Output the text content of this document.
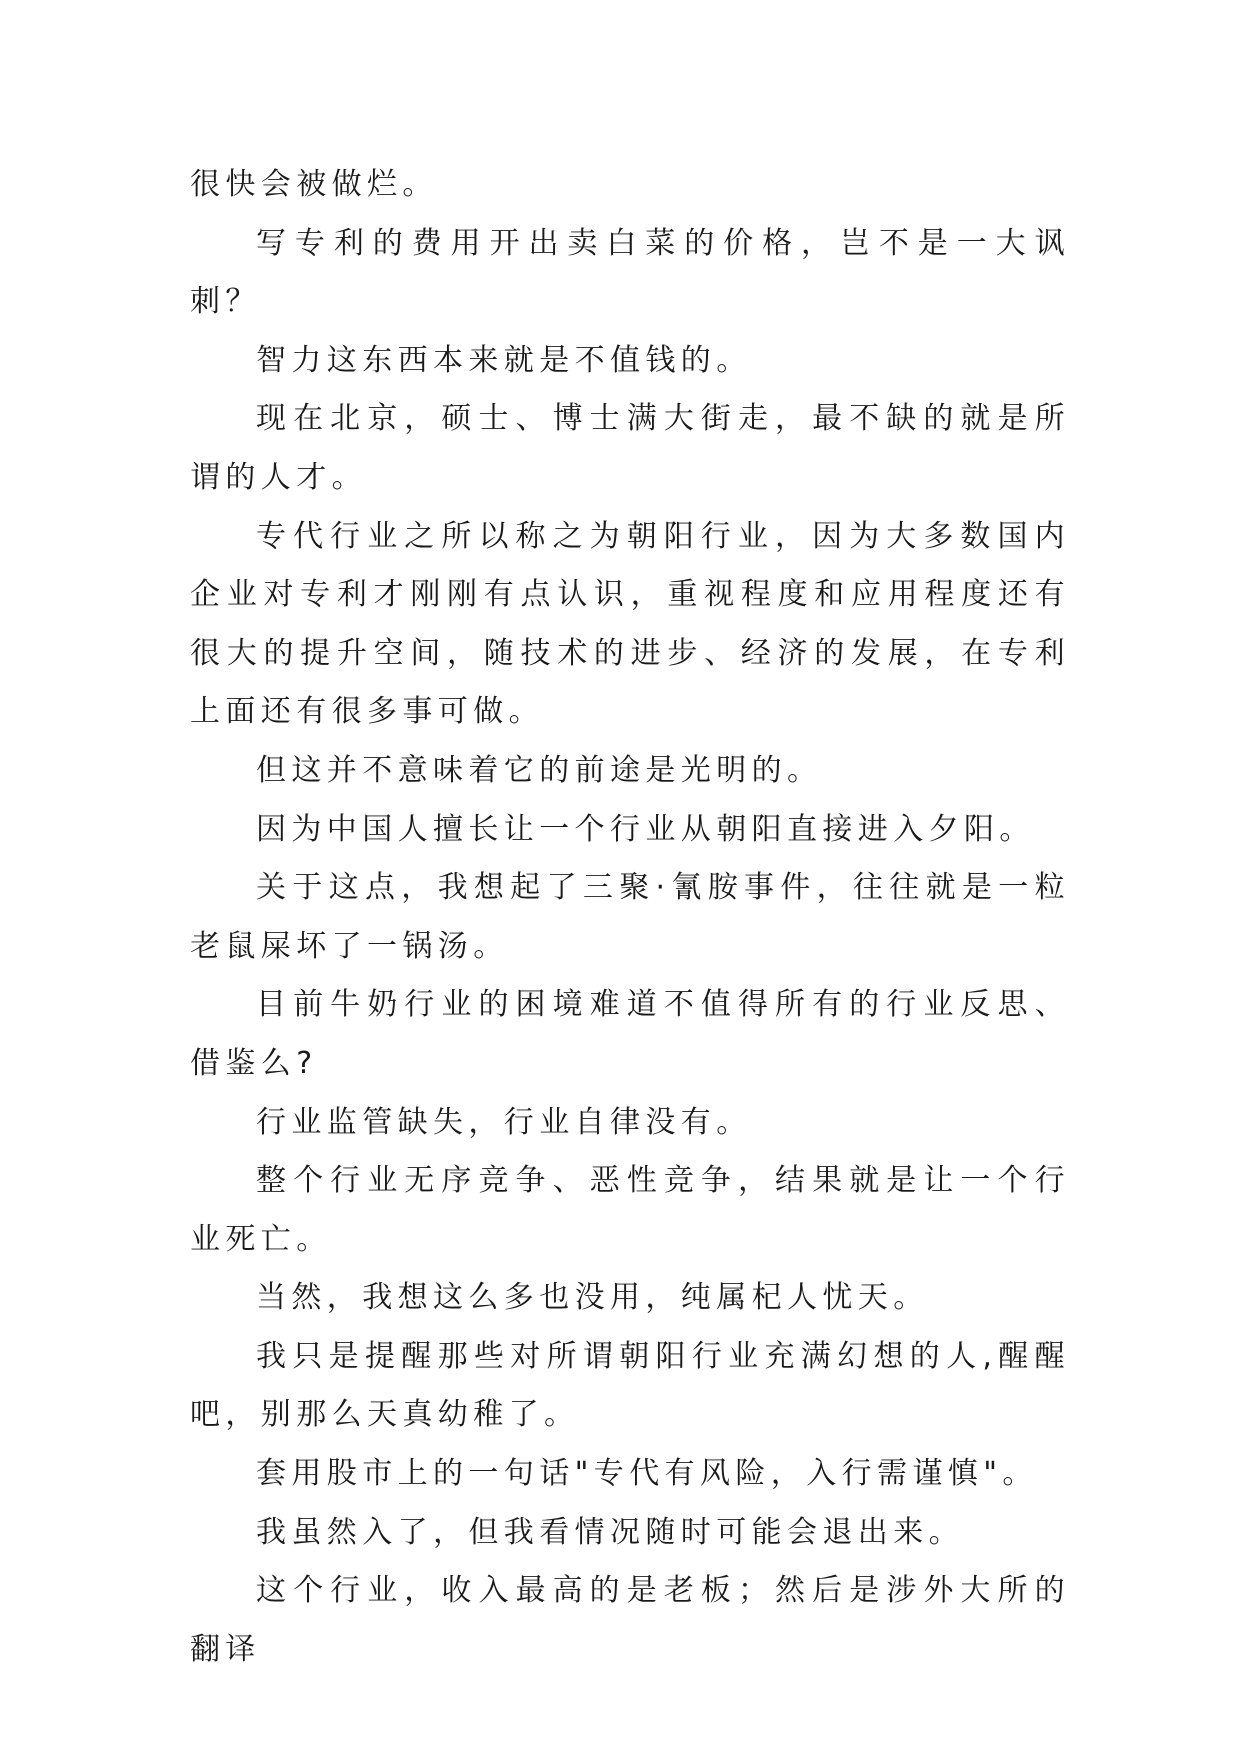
很快会被做烂。

写专利的费用开出卖白菜的价格，岂不是一大讽刺？

智力这东西本来就是不值钱的。

现在北京，硕士、博士满大街走，最不缺的就是所谓的人才。

专代行业之所以称之为朝阳行业，因为大多数国内企业对专利才刚刚有点认识，重视程度和应用程度还有很大的提升空间，随技术的进步、经济的发展，在专利上面还有很多事可做。

但这并不意味着它的前途是光明的。

因为中国人擅长让一个行业从朝阳直接进入夕阳。

关于这点，我想起了三聚·氰胺事件，往往就是一粒老鼠屎坏了一锅汤。

目前牛奶行业的困境难道不值得所有的行业反思、借鉴么?

行业监管缺失，行业自律没有。

整个行业无序竞争、恶性竞争，结果就是让一个行业死亡。

当然，我想这么多也没用，纯属杞人忧天。

我只是提醒那些对所谓朝阳行业充满幻想的人,醒醒吧，别那么天真幼稚了。

套用股市上的一句话"专代有风险，入行需谨慎"。

我虽然入了，但我看情况随时可能会退出来。

这个行业，收入最高的是老板；然后是涉外大所的翻译
